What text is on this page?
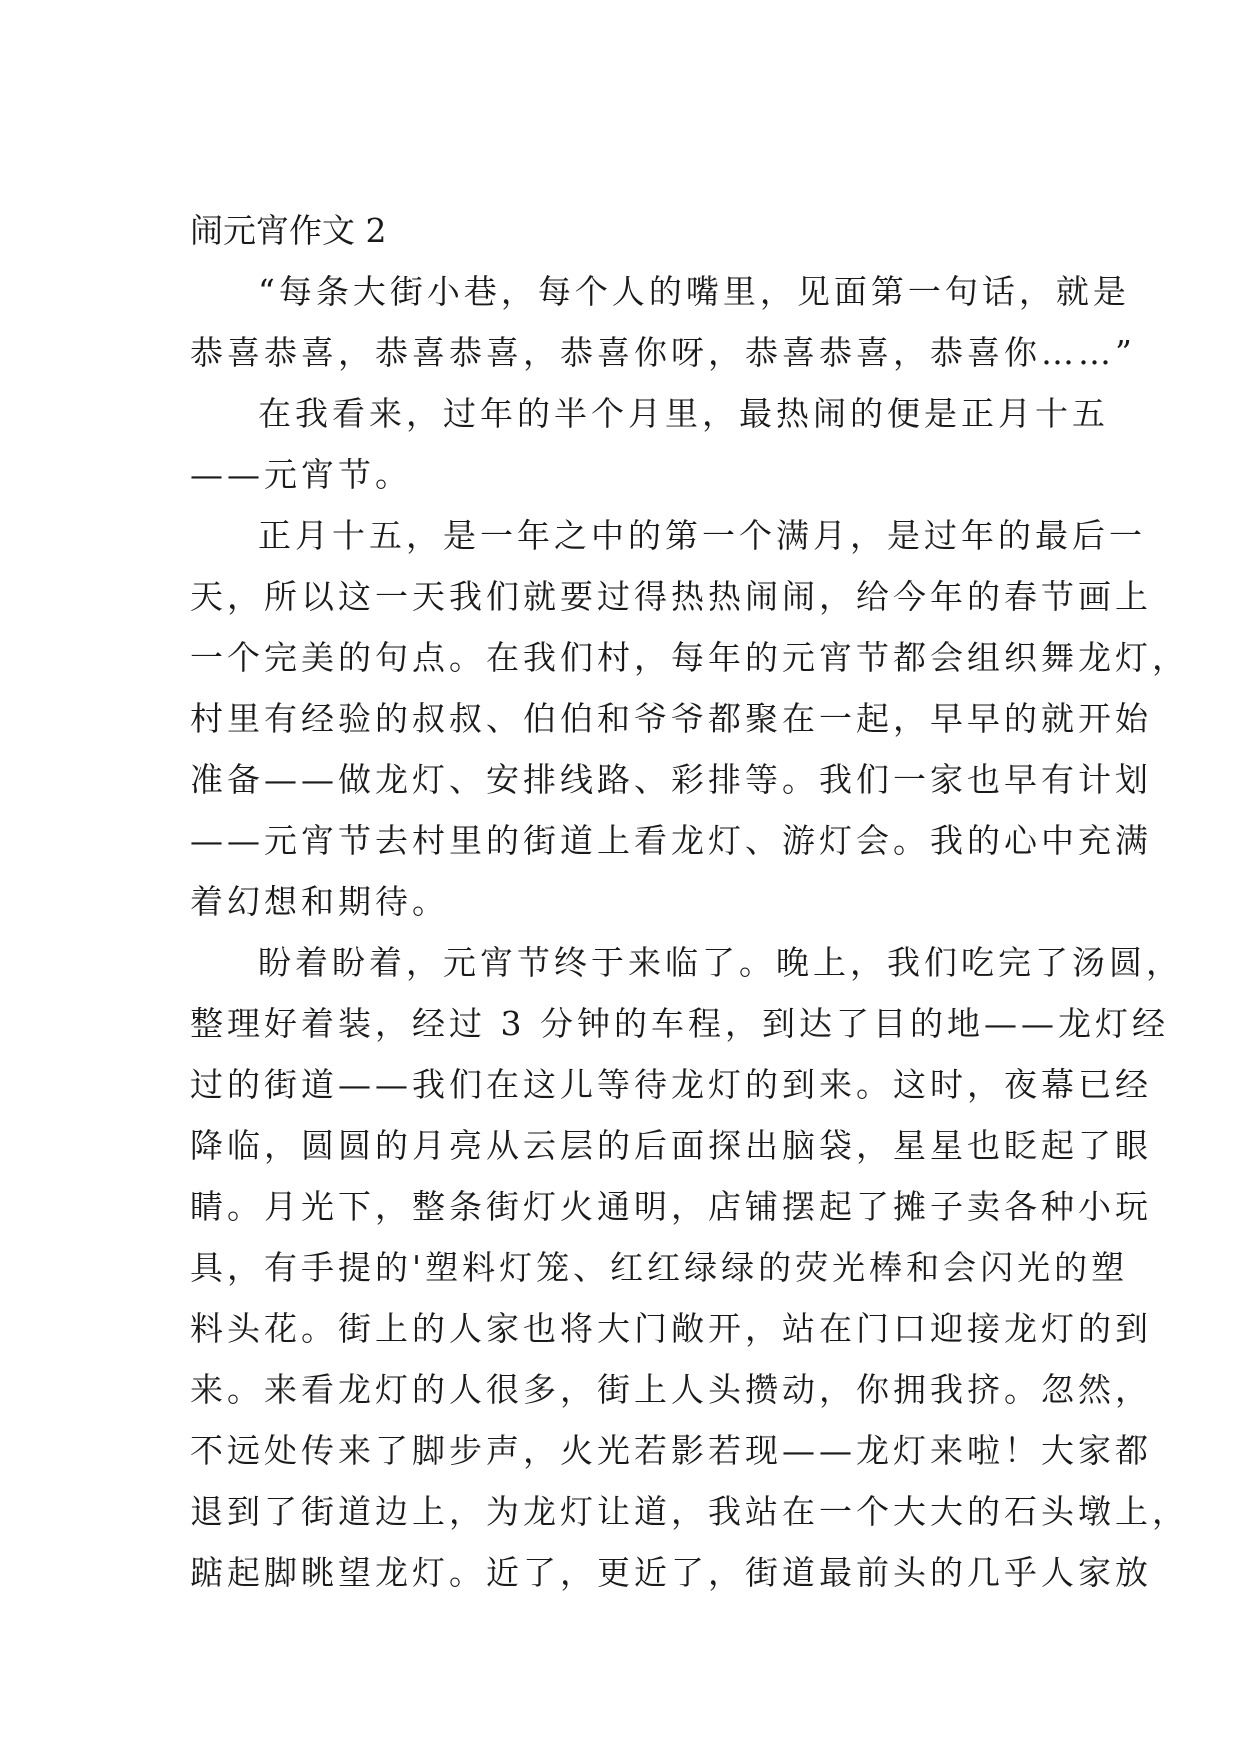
闹元宵作文 2
“每条大街小巷，每个人的嘴里，见面第一句话，就是
恭喜恭喜，恭喜恭喜，恭喜你呀，恭喜恭喜，恭喜你……”
在我看来，过年的半个月里，最热闹的便是正月十五
——元宵节。
正月十五，是一年之中的第一个满月，是过年的最后一
天，所以这一天我们就要过得热热闹闹，给今年的春节画上
一个完美的句点。在我们村，每年的元宵节都会组织舞龙灯，
村里有经验的叔叔、伯伯和爷爷都聚在一起，早早的就开始
准备——做龙灯、安排线路、彩排等。我们一家也早有计划
——元宵节去村里的街道上看龙灯、游灯会。我的心中充满
着幻想和期待。
盼着盼着，元宵节终于来临了。晚上，我们吃完了汤圆，
整理好着装，经过 3 分钟的车程，到达了目的地——龙灯经
过的街道——我们在这儿等待龙灯的到来。这时，夜幕已经
降临，圆圆的月亮从云层的后面探出脑袋，星星也眨起了眼
睛。月光下，整条街灯火通明，店铺摆起了摊子卖各种小玩
具，有手提的'塑料灯笼、红红绿绿的荧光棒和会闪光的塑
料头花。街上的人家也将大门敞开，站在门口迎接龙灯的到
来。来看龙灯的人很多，街上人头攒动，你拥我挤。忽然，
不远处传来了脚步声，火光若影若现——龙灯来啦！大家都
退到了街道边上，为龙灯让道，我站在一个大大的石头墩上，
踮起脚眺望龙灯。近了，更近了，街道最前头的几乎人家放
